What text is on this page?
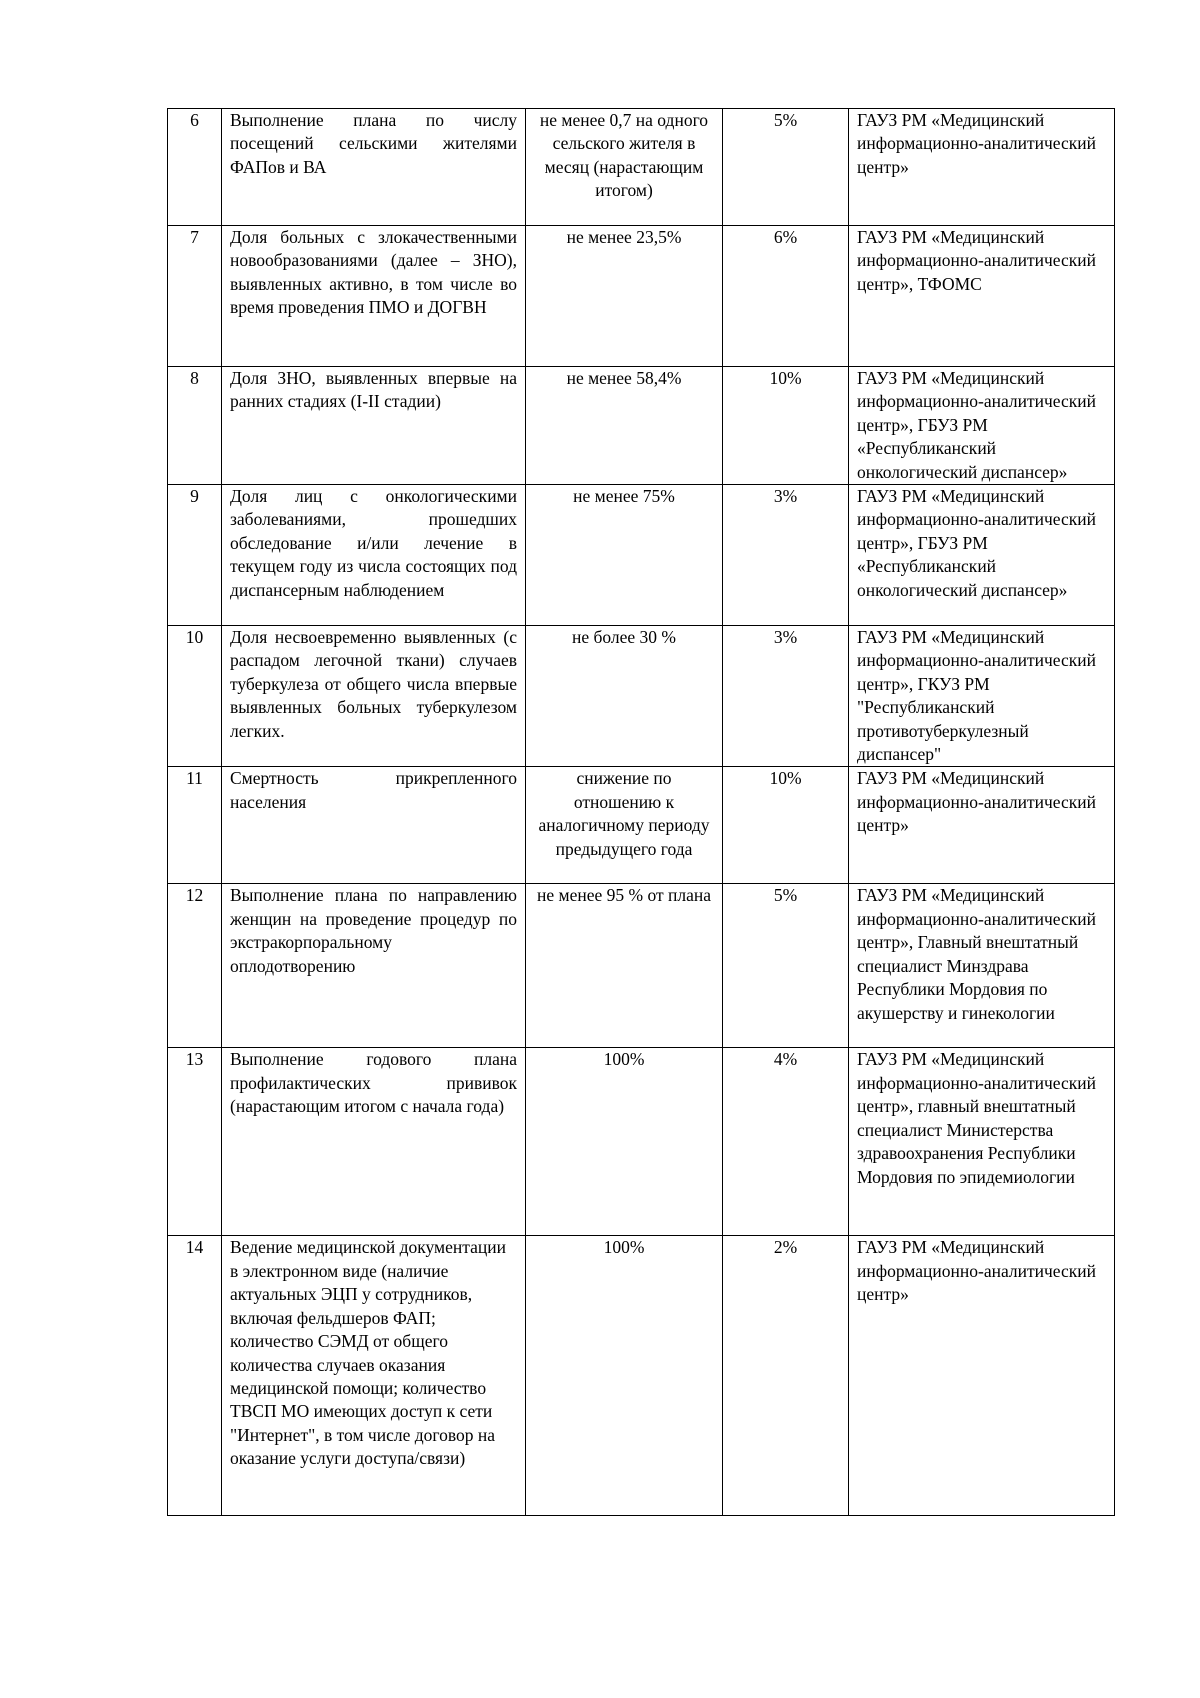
6	Выполнение плана по числу посещений сельскими жителями ФАПов и ВА	не менее 0,7 на одного сельского жителя в месяц (нарастающим итогом)	5%	ГАУЗ РМ «Медицинский информационно-аналитический центр»
7	Доля больных с злокачественными новообразованиями (далее – ЗНО), выявленных активно, в том числе во время проведения ПМО и ДОГВН	не менее 23,5%	6%	ГАУЗ РМ «Медицинский информационно-аналитический центр», ТФОМС
8	Доля ЗНО, выявленных впервые на ранних стадиях (I-II стадии)	не менее 58,4%	10%	ГАУЗ РМ «Медицинский информационно-аналитический центр», ГБУЗ РМ «Республиканский онкологический диспансер»
9	Доля лиц с онкологическими заболеваниями, прошедших обследование и/или лечение в текущем году из числа состоящих под диспансерным наблюдением	не менее 75%	3%	ГАУЗ РМ «Медицинский информационно-аналитический центр», ГБУЗ РМ «Республиканский онкологический диспансер»
10	Доля несвоевременно выявленных (с распадом легочной ткани) случаев туберкулеза от общего числа впервые выявленных больных туберкулезом легких.	не более 30 %	3%	ГАУЗ РМ «Медицинский информационно-аналитический центр», ГКУЗ РМ "Республиканский противотуберкулезный диспансер"
11	Смертность прикрепленного населения	снижение по отношению к аналогичному периоду предыдущего года	10%	ГАУЗ РМ «Медицинский информационно-аналитический центр»
12	Выполнение плана по направлению женщин на проведение процедур по экстракорпоральному оплодотворению	не менее 95 % от плана	5%	ГАУЗ РМ «Медицинский информационно-аналитический центр», Главный внештатный специалист Минздрава Республики Мордовия по акушерству и гинекологии
13	Выполнение годового плана профилактических прививок (нарастающим итогом с начала года)	100%	4%	ГАУЗ РМ «Медицинский информационно-аналитический центр», главный внештатный специалист Министерства здравоохранения Республики Мордовия по эпидемиологии
14	Ведение медицинской документации в электронном виде (наличие актуальных ЭЦП у сотрудников, включая фельдшеров ФАП; количество СЭМД от общего количества случаев оказания медицинской помощи; количество ТВСП МО имеющих доступ к сети "Интернет", в том числе договор на оказание услуги доступа/связи)	100%	2%	ГАУЗ РМ «Медицинский информационно-аналитический центр»
